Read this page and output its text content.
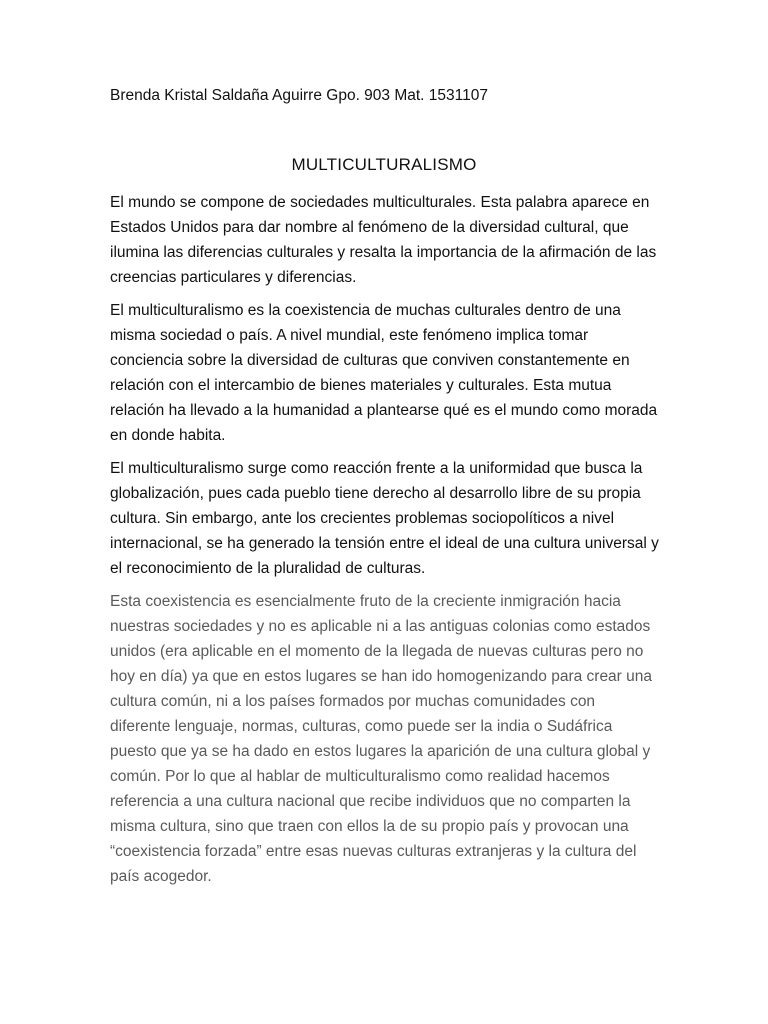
Brenda Kristal Saldaña Aguirre Gpo. 903 Mat. 1531107
MULTICULTURALISMO

El mundo se compone de sociedades multiculturales. Esta palabra aparece en
Estados Unidos para dar nombre al fenómeno de la diversidad cultural, que
ilumina las diferencias culturales y resalta la importancia de la afirmación de las
creencias particulares y diferencias.

El multiculturalismo es la coexistencia de muchas culturales dentro de una
misma sociedad o país. A nivel mundial, este fenómeno implica tomar
conciencia sobre la diversidad de culturas que conviven constantemente en
relación con el intercambio de bienes materiales y culturales. Esta mutua
relación ha llevado a la humanidad a plantearse qué es el mundo como morada
en donde habita.

El multiculturalismo surge como reacción frente a la uniformidad que busca la
globalización, pues cada pueblo tiene derecho al desarrollo libre de su propia
cultura. Sin embargo, ante los crecientes problemas sociopolíticos a nivel
internacional, se ha generado la tensión entre el ideal de una cultura universal y
el reconocimiento de la pluralidad de culturas.

Esta coexistencia es esencialmente fruto de la creciente inmigración hacia
nuestras sociedades y no es aplicable ni a las antiguas colonias como estados
unidos (era aplicable en el momento de la llegada de nuevas culturas pero no
hoy en día) ya que en estos lugares se han ido homogenizando para crear una
cultura común, ni a los países formados por muchas comunidades con
diferente lenguaje, normas, culturas, como puede ser la india o Sudáfrica
puesto que ya se ha dado en estos lugares la aparición de una cultura global y
común. Por lo que al hablar de multiculturalismo como realidad hacemos
referencia a una cultura nacional que recibe individuos que no comparten la
misma cultura, sino que traen con ellos la de su propio país y provocan una
“coexistencia forzada” entre esas nuevas culturas extranjeras y la cultura del
país acogedor.
